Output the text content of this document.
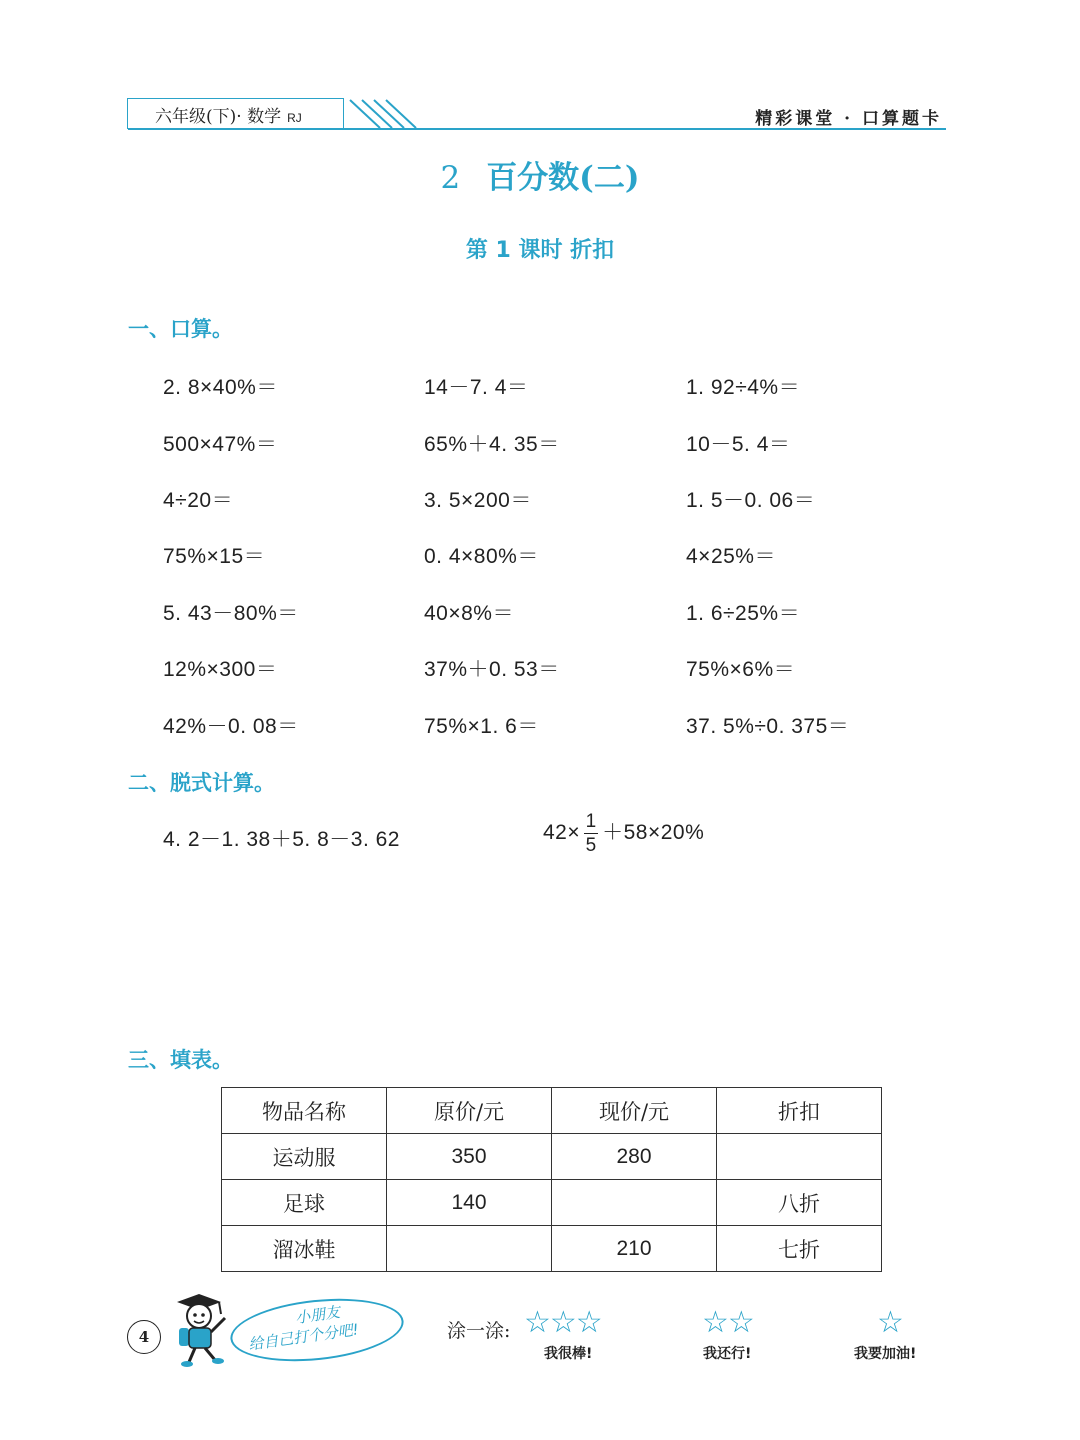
六年级(下)· 数学 RJ	精彩课堂 · 口算题卡
2 百分数(二)
第 1 课时 折扣
一、口算。
2. 8×40%＝	14－7. 4＝	1. 92÷4%＝
500×47%＝	65%＋4. 35＝	10－5. 4＝
4÷20＝	3. 5×200＝	1. 5－0. 06＝
75%×15＝	0. 4×80%＝	4×25%＝
5. 43－80%＝	40×8%＝	1. 6÷25%＝
12%×300＝	37%＋0. 53＝	75%×6%＝
42%－0. 08＝	75%×1. 6＝	37. 5%÷0. 375＝
二、脱式计算。
4. 2－1. 38＋5. 8－3. 62	$42\times \frac{1}{5} +58\times 20\%$
三、填表。
物品名称	原价/元	现价/元	折扣
运动服	350	280	
足球	140		八折
溜冰鞋		210	七折
4
小朋友
给自己打个分吧!	涂一涂: ☆☆☆
我很棒!
☆☆
我还行!
☆
我要加油!
